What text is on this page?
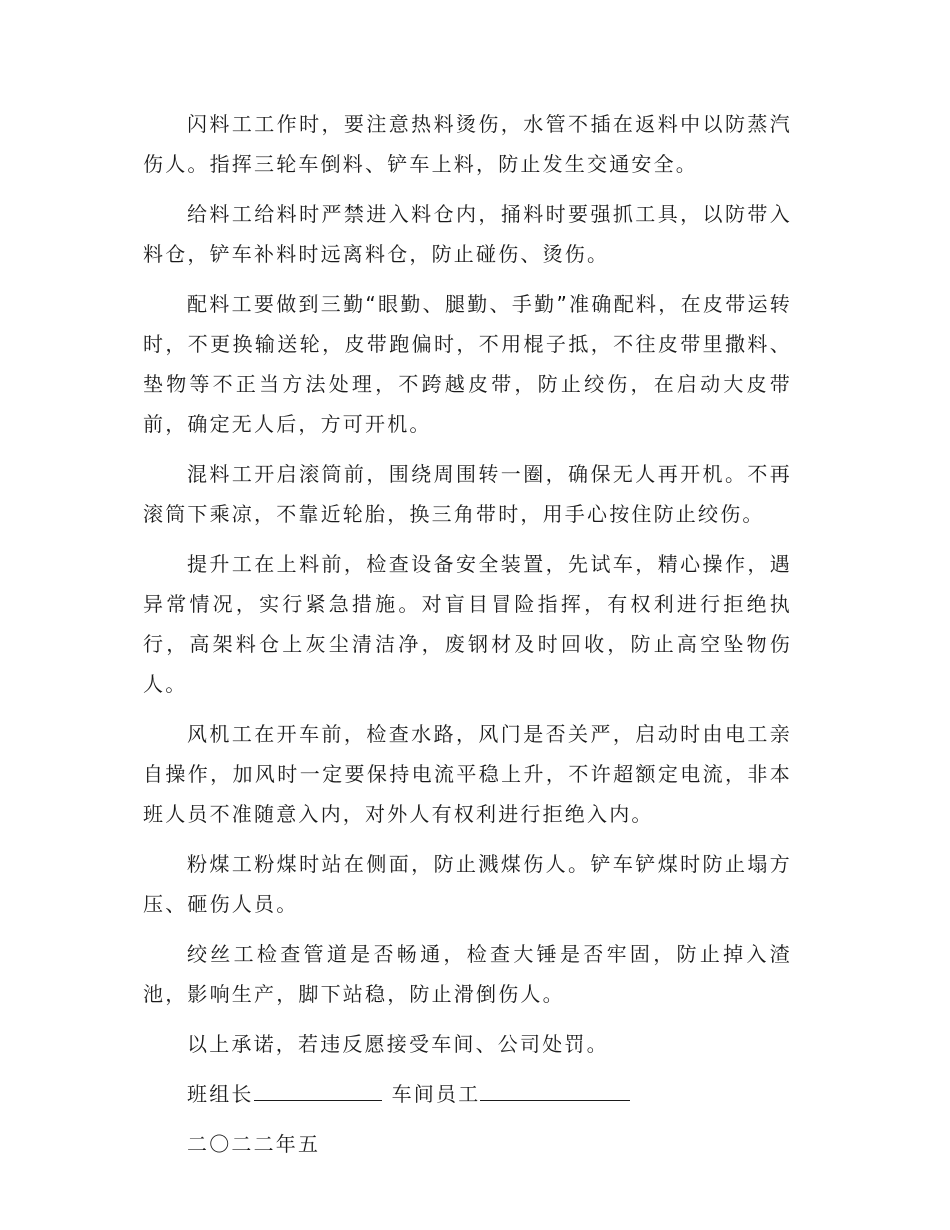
闪料工工作时，要注意热料烫伤，水管不插在返料中以防蒸汽伤人。指挥三轮车倒料、铲车上料，防止发生交通安全。

给料工给料时严禁进入料仓内，捅料时要强抓工具，以防带入料仓，铲车补料时远离料仓，防止碰伤、烫伤。

配料工要做到三勤“眼勤、腿勤、手勤”准确配料，在皮带运转时，不更换输送轮，皮带跑偏时，不用棍子抵，不往皮带里撒料、垫物等不正当方法处理，不跨越皮带，防止绞伤，在启动大皮带前，确定无人后，方可开机。

混料工开启滚筒前，围绕周围转一圈，确保无人再开机。不再滚筒下乘凉，不靠近轮胎，换三角带时，用手心按住防止绞伤。

提升工在上料前，检查设备安全装置，先试车，精心操作，遇异常情况，实行紧急措施。对盲目冒险指挥，有权利进行拒绝执行，高架料仓上灰尘清洁净，废钢材及时回收，防止高空坠物伤人。

风机工在开车前，检查水路，风门是否关严，启动时由电工亲自操作，加风时一定要保持电流平稳上升，不许超额定电流，非本班人员不准随意入内，对外人有权利进行拒绝入内。

粉煤工粉煤时站在侧面，防止溅煤伤人。铲车铲煤时防止塌方压、砸伤人员。

绞丝工检查管道是否畅通，检查大锤是否牢固，防止掉入渣池，影响生产，脚下站稳，防止滑倒伤人。

以上承诺，若违反愿接受车间、公司处罚。

班组长	车间员工

二〇二二年五
